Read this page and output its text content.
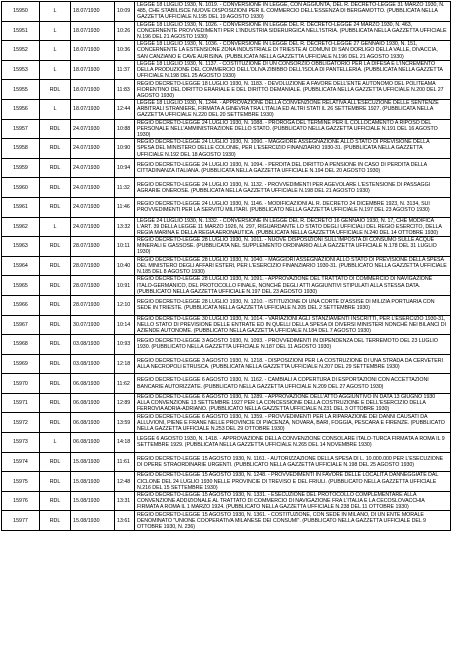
15950	L	18.07/1930	10:09	LEGGE 18 LUGLIO 1930, N. 1019. - CONVERSIONE IN LEGGE, CON AGGIUNTA, DEL R. DECRETO-LEGGE 31 MARZO 1930, N. 485, CHE STABILISCE NUOVE DISPOSIZIONI PER IL COMMERCIO DELL'ESSENZA DI BERGAMOTTO. (PUBBLICATA NELLA GAZZETTA UFFICIALE N.195 DEL 19 AGOSTO 1930)
15951	L	18.07/1930	10:26	LEGGE 18 LUGLIO 1930, N. 1026. - CONVERSIONE IN LEGGE DEL R. DECRETO-LEGGE 24 MARZO 1930, N. 463, CONCERNENTE PROVVEDIMENTI PER L'INDUSTRIA SIDERURGICA NELL'ISTRIA. (PUBBLICATA NELLA GAZZETTA UFFICIALE N.196 DEL 21 AGOSTO 1930)
15952	L	18.07/1930	10:36	LEGGE 18 LUGLIO 1930, N. 1036. - CONVERSIONE IN LEGGE DEL R. DECRETO-LEGGE 27 GENNAIO 1930, N. 151, CONCERNENTE LA ESTENSIONE ZONA INDUSTRIALE DI TRIESTE AI COMUNI DI SAN DORLIGO DELLA VALLE, DIVACCIA, SAN CANZIANO E CAVE AURISINA. (PUBBLICATA NELLA GAZZETTA UFFICIALE N.196 DEL 21 AGOSTO 1930)
15953	L	18.07/1930	11:37	LEGGE 18 LUGLIO 1930, N. 1137. - COSTITUZIONE DI UN CONSORZIO OBBLIGATORIO PER LA DIFESA E L'INCREMENTO DELLA PRODUZIONE DEL COMMERCIO DELL'OLIVA ZIBIBBO DELL'ISOLA DI PANTELLERIA. (PUBBLICATA NELLA GAZZETTA UFFICIALE N.198 DEL 25 AGOSTO 1930)
15955	RDL	18.07/1930	11:83	REGIO DECRETO-LEGGE 18 LUGLIO 1930, N. 1183. - DEVOLUZIONE A FAVORE DELL'ENTE AUTONOMO DEL POLITEAMA FIORENTINO DEL DIRITTO ERARIALE E DEL DIRITTO DEMANIALE. (PUBBLICATA NELLA GAZZETTA UFFICIALE N.200 DEL 27 AGOSTO 1930)
15956	L	18.07/1930	12:44	LEGGE 18 LUGLIO 1930, N. 1244. - APPROVAZIONE DELLA CONVENZIONE RELATIVA ALL'ESECUZIONE DELLE SENTENZE ARBITRALI STRANIERE, FIRMATA A GINEVRA TRA L'ITALIA ED ALTRI STATI IL 26 SETTEMBRE 1927. (PUBBLICATA NELLA GAZZETTA UFFICIALE N.220 DEL 20 SETTEMBRE 1930)
15957	RDL	24.07/1930	10:88	REGIO DECRETO-LEGGE 24 LUGLIO 1930, N. 1088. - PROROGA DEL TERMINE PER IL COLLOCAMENTO A RIPOSO DEL PERSONALE NELL'AMMINISTRAZIONE DELLO STATO. (PUBBLICATO NELLA GAZZETTA UFFICIALE N.191 DEL 16 AGOSTO 1930)
15958	RDL	24.07/1930	10:90	REGIO DECRETO-LEGGE 24 LUGLIO 1930, N. 1090. - MAGGIORE ASSEGNAZIONE ALLO STATO DI PREVISIONE DELLA SPESA DEL MINISTERO DELLE COLONIE, PER L'ESERCIZIO FINANZIARIO 1930-31. (PUBBLICATA NELLA GAZZETTA UFFICIALE N.192 DEL 18 AGOSTO 1930)
15959	RDL	24.07/1930	10:94	REGIO DECRETO-LEGGE 24 LUGLIO 1930, N. 1094. - PERDITA DEL DIRITTO A PENSIONE IN CASO DI PERDITA DELLA CITTADINANZA ITALIANA. (PUBBLICATA NELLA GAZZETTA UFFICIALE N.194 DEL 20 AGOSTO 1930)
15960	RDL	24.07/1930	11:32	REGIO DECRETO-LEGGE 24 LUGLIO 1930, N. 1132. - PROVVEDIMENTI PER AGEVOLARE L'ESTENSIONE DI PASSAGGI AGRARIE ONEROSE. (PUBBLICATA NELLA GAZZETTA UFFICIALE N.198 DEL 21 AGOSTO 1930)
15961	RDL	24.07/1930	11:46	REGIO DECRETO-LEGGE 24 LUGLIO 1930, N. 1146. - MODIFICAZIONI AL R. DECRETO 24 DICEMBRE 1923, N. 3134, SUI PROVVEDIMENTI PER LA SERVITÙ MILITARI. (PUBBLICATO NELLA GAZZETTA UFFICIALE N.197 DEL 23 AGOSTO 1930)
15962	L	24.07/1930	13:32	LEGGE 24 LUGLIO 1930, N. 1332. - CONVERSIONE IN LEGGE DEL R. DECRETO 16 GENNAIO 1930, N. 17, CHE MODIFICA L'ART. 39 DELLA LEGGE 11 MARZO 1926, N. 297, RIGUARDANTE LO STATO DEGLI UFFICIALI DEL REGIO ESERCITO, DELLA REGIA MARINA E DELLA REGIA AERONAUTICA. (PUBBLICATA NELLA GAZZETTA UFFICIALE N.240 DEL 14 OTTOBRE 1930)
15963	RDL	28.07/1930	10:11	REGIO DECRETO-LEGGE 28 LUGLIO 1930, N. 1011. - NUOVE DISPOSIZIONI SULL'IMPOSTA DI CONSUMO SULLE ACQUE MINERALI E GASSOSE. (PUBBLICATA NEL SUPPLEMENTO ORDINARIO ALLA GAZZETTA UFFICIALE N.178 DEL 31 LUGLIO 1930)
15964	RDL	28.07/1930	10:40	REGIO DECRETO-LEGGE 28 LUGLIO 1930, N. 1040. - MAGGIORI ASSEGNAZIONI ALLO STATO DI PREVISIONE DELLA SPESA DEL MINISTERO DEGLI AFFARI ESTERI, PER L'ESERCIZIO FINANZIARIO 1930-31. (PUBBLICATO NELLA GAZZETTA UFFICIALE N.185 DEL 8 AGOSTO 1930)
15965	RDL	28.07/1930	10:91	REGIO DECRETO-LEGGE 28 LUGLIO 1930, N. 1091. - APPROVAZIONE DEL TRATTATO DI COMMERCIO DI NAVIGAZIONE ITALO-GERMANICO, DEL PROTOCOLLO FINALE, NONCHÉ DEGLI ATTI AGGIUNTIVI STIPULATI ALLA STESSA DATA. (PUBBLICATO NELLA GAZZETTA UFFICIALE N.197 DEL 23 AGOSTO 1930)
15966	RDL	28.07/1930	12:10	REGIO DECRETO-LEGGE 28 LUGLIO 1930, N. 1210. - ISTITUZIONE DI UNA CORTE D'ASSISE DI MILIZIA PORTUARIA CON SEDE IN TRIESTE. (PUBBLICATA NELLA GAZZETTA UFFICIALE N.205 DEL 2 SETTEMBRE 1930)
15967	RDL	30.07/1930	10:14	REGIO DECRETO-LEGGE 30 LUGLIO 1930, N. 1014. - VARIAZIONI AGLI STANZIAMENTI INSCRITTI, PER L'ESERCIZIO 1930-31, NELLO STATO DI PREVISIONE DELLE ENTRATE ED IN QUELLI DELLA SPESA DI DIVERSI MINISTERI NONCHÉ NEI BILANCI DI AZIENDE AUTONOME. (PUBBLICATO NELLA GAZZETTA UFFICIALE N.184 DEL 7 AGOSTO 1930)
15968	RDL	03.08/1930	10:93	REGIO DECRETO-LEGGE 3 AGOSTO 1930, N. 1093. - PROVVEDIMENTI IN DIPENDENZA DEL TERREMOTO DEL 23 LUGLIO 1930. (PUBBLICATO NELLA GAZZETTA UFFICIALE N.187 DEL 11 AGOSTO 1930)
15969	RDL	03.08/1930	12:18	REGIO DECRETO-LEGGE 3 AGOSTO 1930, N. 1218. - DISPOSIZIONI PER LA COSTRUZIONE DI UNA STRADA DA CERVETERI ALLA NECROPOLI ETRUSCA. (PUBBLICATA NELLA GAZZETTA UFFICIALE N.207 DEL 29 SETTEMBRE 1930)
15970	RDL	06.08/1930	11:62	REGIO DECRETO-LEGGE 6 AGOSTO 1930, N. 1162. - CAMBIALI A COPERTURA DI ESPORTAZIONI CON ACCETTAZIONI BANCARIE AUTORIZZATE. (PUBBLICATO NELLA GAZZETTA UFFICIALE N.209 DEL 27 AGOSTO 1930)
15971	RDL	06.08/1930	12:89	REGIO DECRETO-LEGGE 6 AGOSTO 1930, N. 1289. - APPROVAZIONE DELL'ATTO AGGIUNTIVO IN DATA 13 GIUGNO 1930 ALLA CONVENZIONE 13 SETTEMBRE 1927 PER LA CONCESSIONE DELLA COSTRUZIONE E DELL'ESERCIZIO DELLA FERROVIA ADRIA-ADRIANO. (PUBBLICATO NELLA GAZZETTA UFFICIALE N.231 DEL 3 OTTOBRE 1930)
15972	RDL	06.08/1930	13:59	REGIO DECRETO-LEGGE 6 AGOSTO 1930, N. 1359. - PROVVEDIMENTI PER LA RIPARAZIONE DEI DANNI CAUSATI DA ALLUVIONI, PIENE E FRANE NELLE PROVINCIE DI PIACENZA, NOVARA, BARI, FOGGIA, PESCARA E FIRENZE. (PUBBLICATO NELLA GAZZETTA UFFICIALE N.253 DEL 29 OTTOBRE 1930)
15973	L	06.08/1930	14:18	LEGGE 6 AGOSTO 1930, N. 1418. - APPROVAZIONE DELLA CONVENZIONE CONSOLARE ITALO-TURCA FIRMATA A ROMA IL 9 SETTEMBRE 1929. (PUBBLICATA NELLA GAZZETTA UFFICIALE N.265 DEL 14 NOVEMBRE 1930)
15974	RDL	15.08/1930	11:61	REGIO DECRETO-LEGGE 15 AGOSTO 1930, N. 1161. - AUTORIZZAZIONE DELLA SPESA DI L. 10.000.000 PER L'ESECUZIONE DI OPERE STRAORDINARIE URGENTI. (PUBBLICATO NELLA GAZZETTA UFFICIALE N.198 DEL 25 AGOSTO 1930)
15975	RDL	15.08/1930	12:48	REGIO DECRETO-LEGGE 15 AGOSTO 1930, N. 1248. - PROVVEDIMENTI IN FAVORE DELLE LOCALITÀ DANNEGGIATE DAL CICLONE DEL 24 LUGLIO 1930 NELLE PROVINCIE DI TREVISO E DEL FRIULI. (PUBBLICATO NELLA GAZZETTA UFFICIALE N.216 DEL 15 SETTEMBRE 1930)
15976	RDL	15.08/1930	13:31	REGIO DECRETO-LEGGE 15 AGOSTO 1930, N. 1331. - ESECUZIONE DEL PROTOCOLLO COMPLEMENTARE ALLA CONVENZIONE ADDIZIONALE AL TRATTATO DI COMMERCIO DI NAVIGAZIONE FRA L'ITALIA E LA CECOSLOVACCHIA FIRMATA A ROMA IL 1 MARZO 1924. (PUBBLICATO NELLA GAZZETTA UFFICIALE N.238 DEL 11 OTTOBRE 1930)
15977	RDL	15.08/1930	13:61	REGIO DECRETO-LEGGE 15 AGOSTO 1930, N. 1361. - COSTITUZIONE, CON SEDE IN MILANO, DI UN ENTE MORALE DENOMINATO "UNIONE COOPERATIVA MILANESE DEI CONSUMI". (PUBBLICATO NELLA GAZZETTA UFFICIALE DEL 9 OTTOBRE 1930, N. 236)
